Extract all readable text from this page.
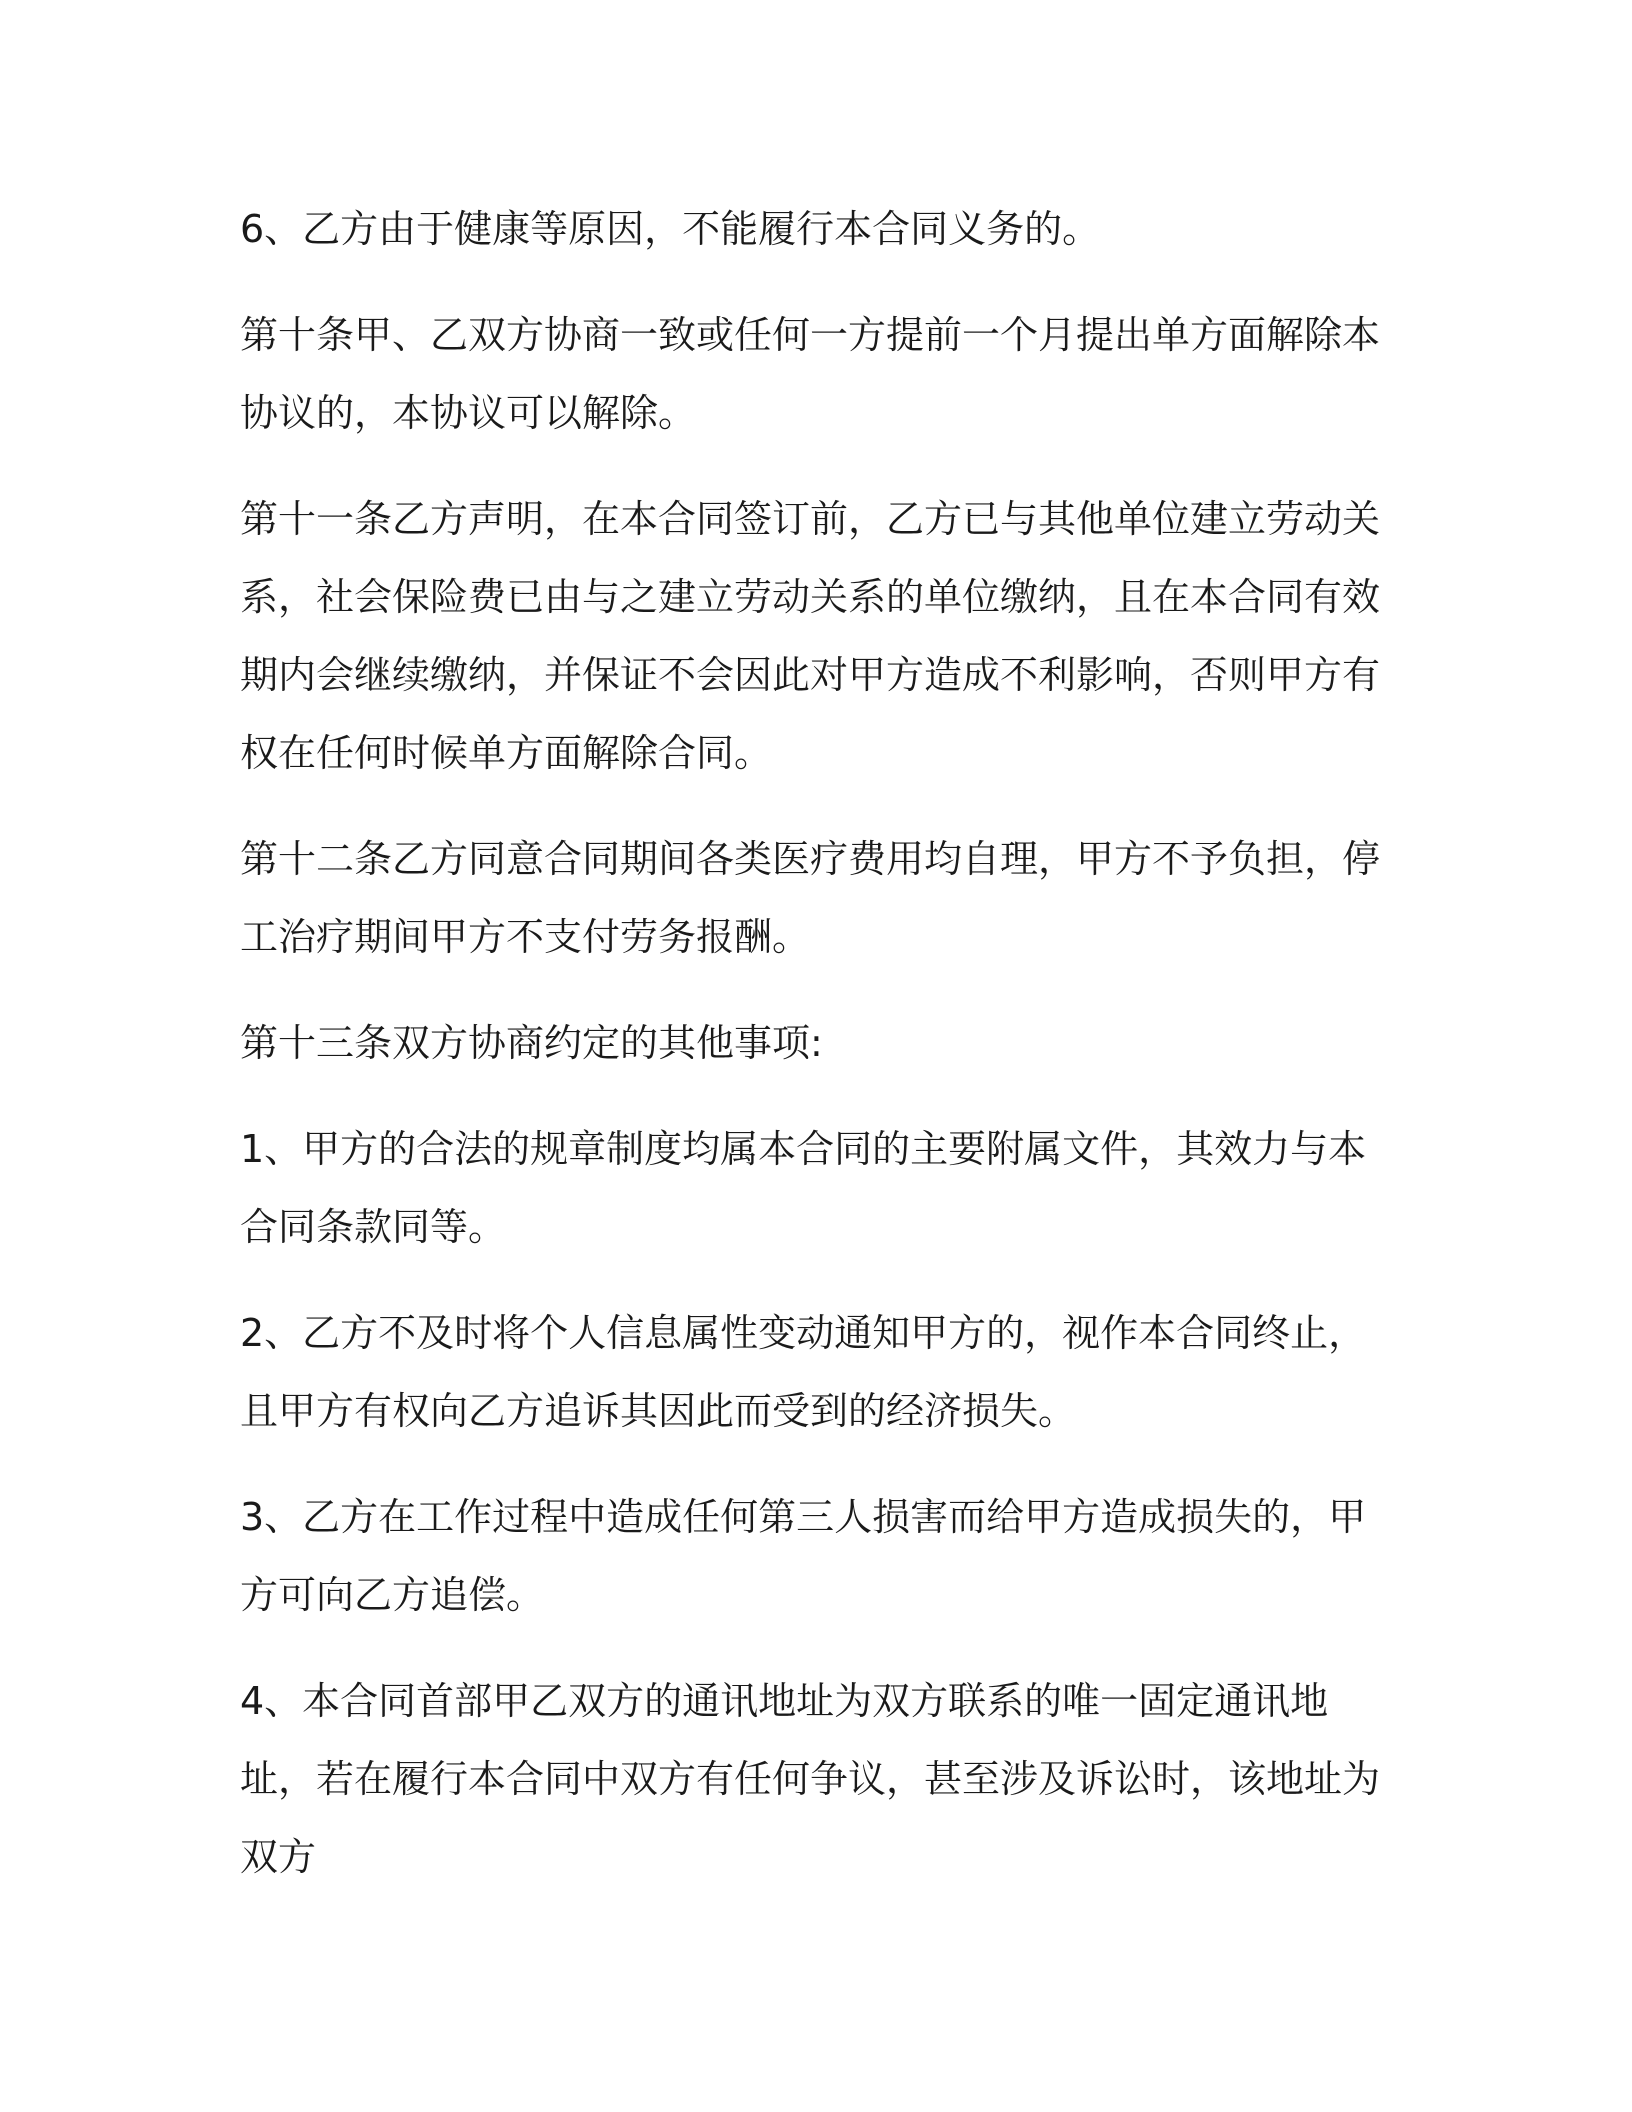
6、乙方由于健康等原因，不能履行本合同义务的。

第十条甲、乙双方协商一致或任何一方提前一个月提出单方面解除本协议的，本协议可以解除。

第十一条乙方声明，在本合同签订前，乙方已与其他单位建立劳动关系，社会保险费已由与之建立劳动关系的单位缴纳，且在本合同有效期内会继续缴纳，并保证不会因此对甲方造成不利影响，否则甲方有权在任何时候单方面解除合同。

第十二条乙方同意合同期间各类医疗费用均自理，甲方不予负担，停工治疗期间甲方不支付劳务报酬。

第十三条双方协商约定的其他事项:

1、甲方的合法的规章制度均属本合同的主要附属文件，其效力与本合同条款同等。

2、乙方不及时将个人信息属性变动通知甲方的，视作本合同终止，且甲方有权向乙方追诉其因此而受到的经济损失。

3、乙方在工作过程中造成任何第三人损害而给甲方造成损失的，甲方可向乙方追偿。

4、本合同首部甲乙双方的通讯地址为双方联系的唯一固定通讯地址，若在履行本合同中双方有任何争议，甚至涉及诉讼时，该地址为双方
